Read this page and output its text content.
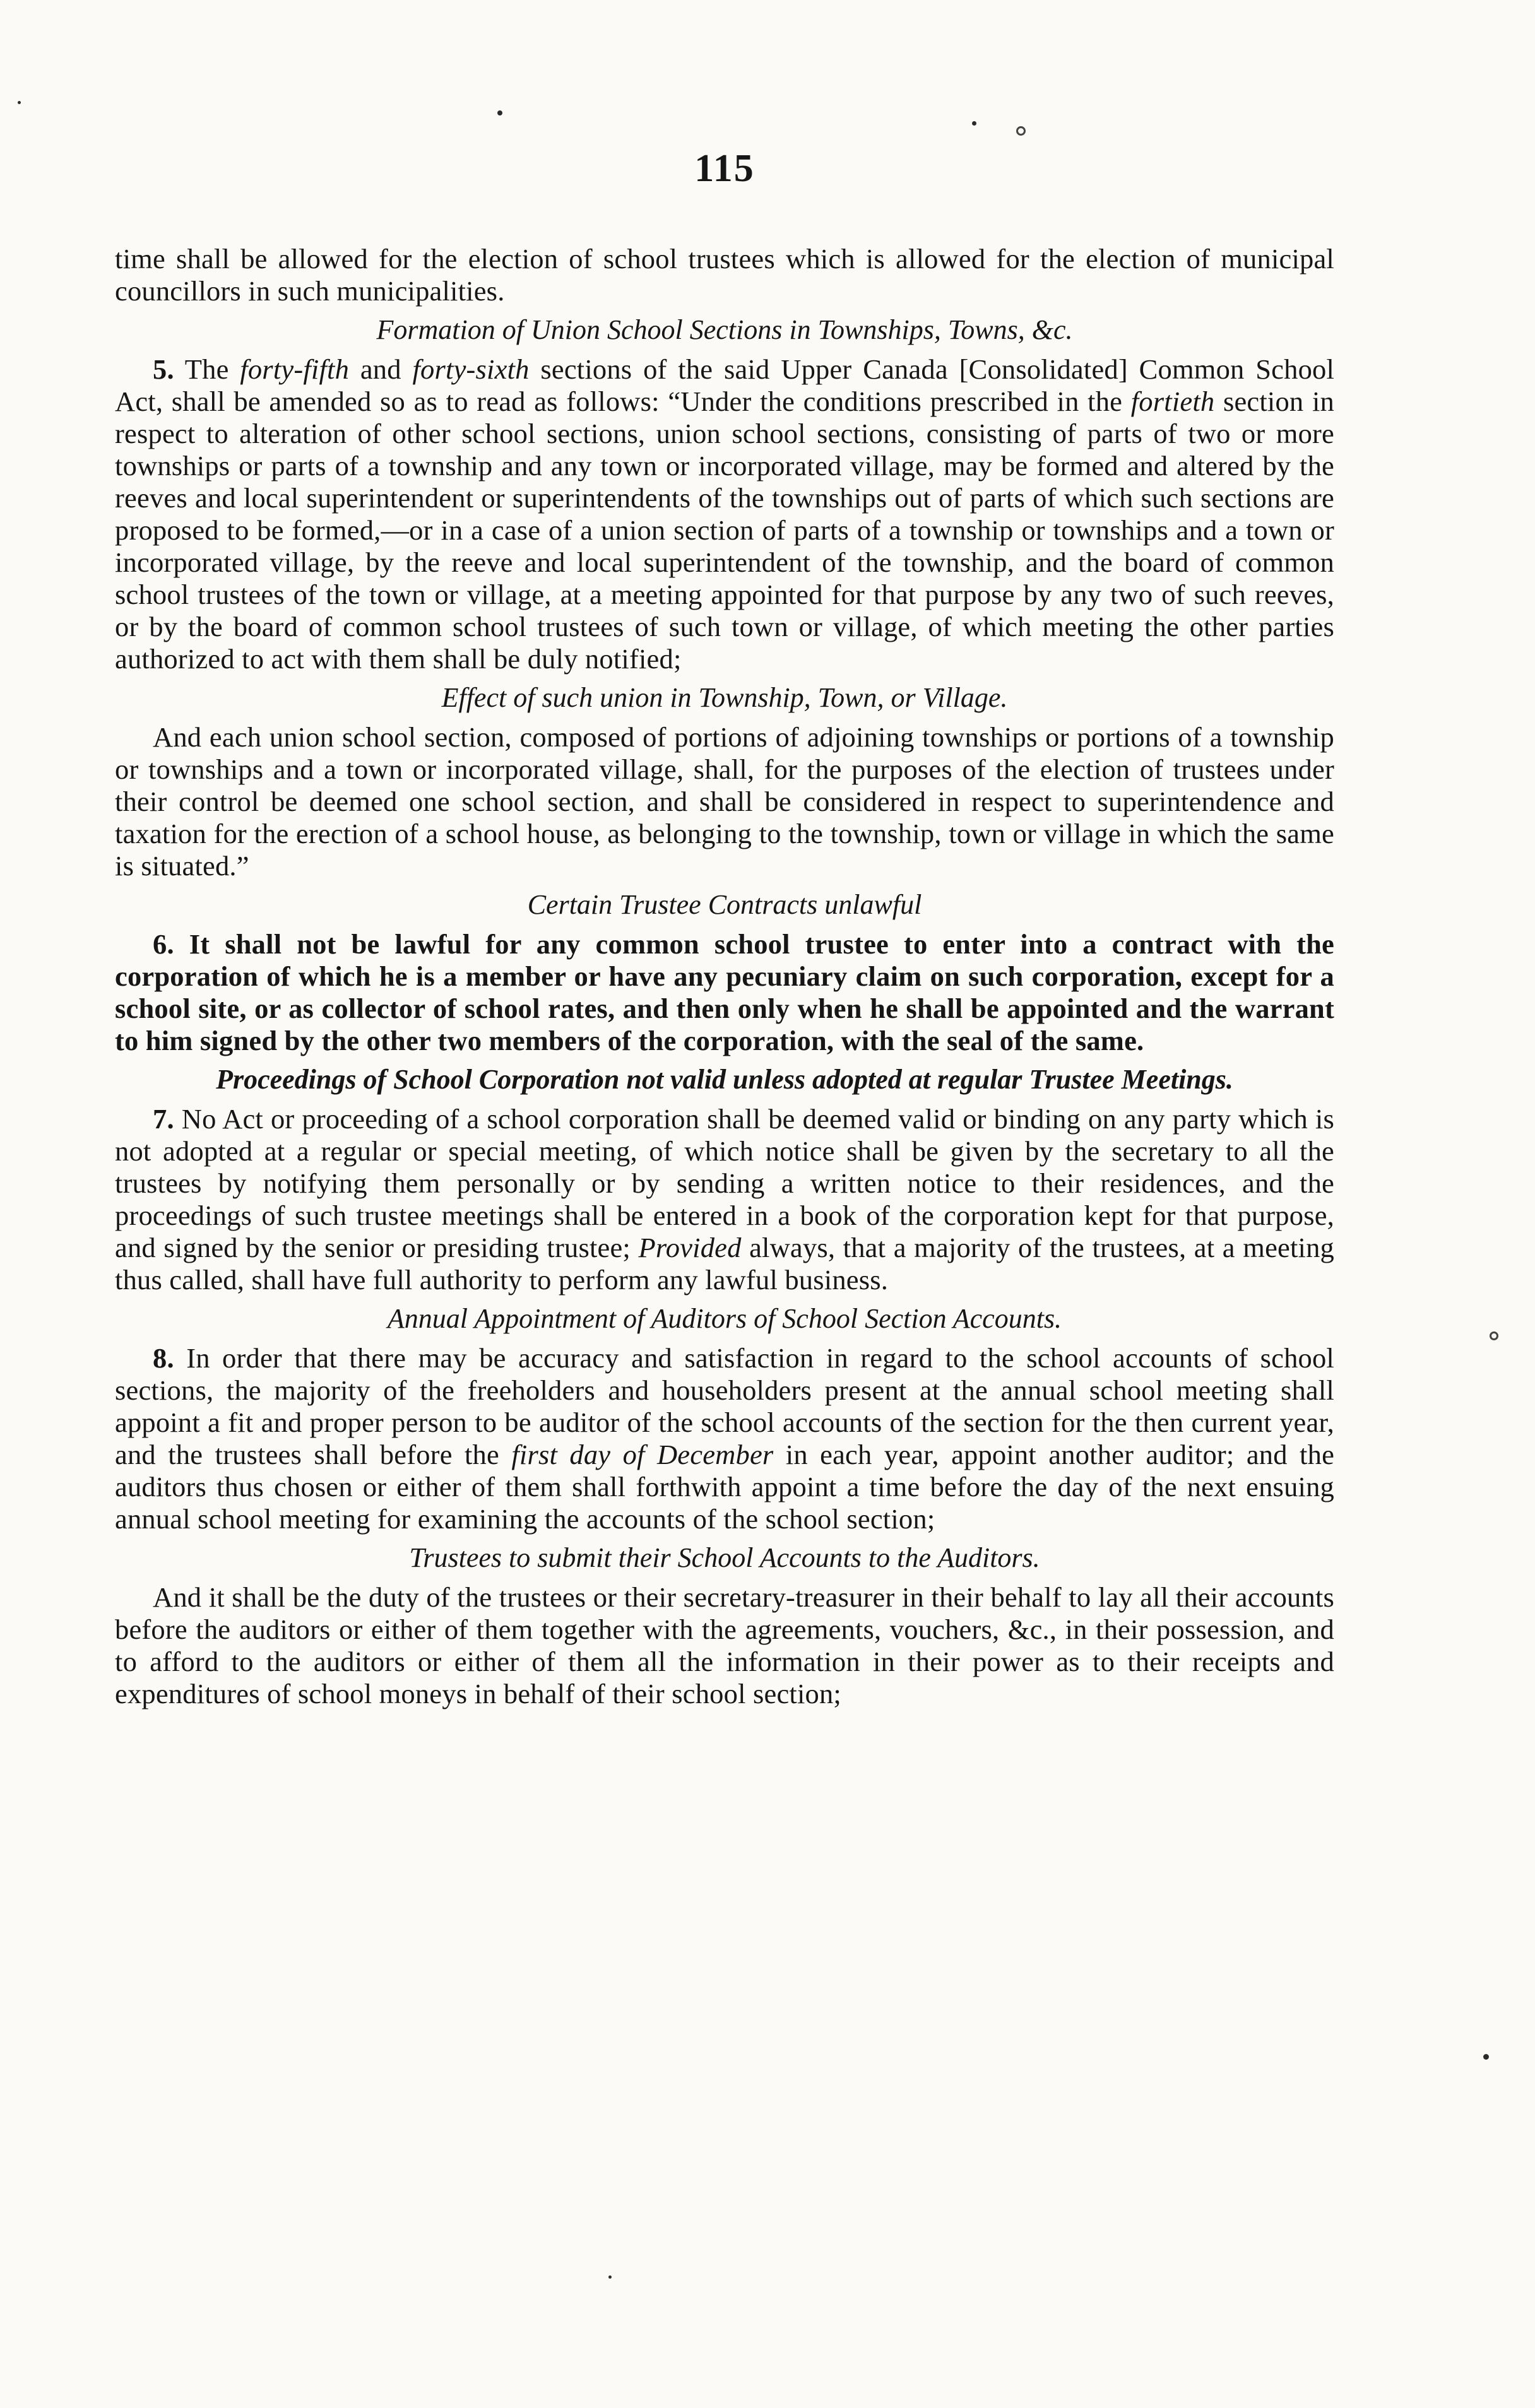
115

time shall be allowed for the election of school trustees which is allowed for the election of municipal councillors in such municipalities.

Formation of Union School Sections in Townships, Towns, &c.

5. The forty-fifth and forty-sixth sections of the said Upper Canada [Consolidated] Common School Act, shall be amended so as to read as follows: “Under the conditions prescribed in the fortieth section in respect to alteration of other school sections, union school sections, consisting of parts of two or more townships or parts of a township and any town or incorporated village, may be formed and altered by the reeves and local superintendent or superintendents of the townships out of parts of which such sections are proposed to be formed,—or in a case of a union section of parts of a township or townships and a town or incorporated village, by the reeve and local superintendent of the township, and the board of common school trustees of the town or village, at a meeting appointed for that purpose by any two of such reeves, or by the board of common school trustees of such town or village, of which meeting the other parties authorized to act with them shall be duly notified;

Effect of such union in Township, Town, or Village.

And each union school section, composed of portions of adjoining townships or portions of a township or townships and a town or incorporated village, shall, for the purposes of the election of trustees under their control be deemed one school section, and shall be considered in respect to superintendence and taxation for the erection of a school house, as belonging to the township, town or village in which the same is situated.”

Certain Trustee Contracts unlawful

6. It shall not be lawful for any common school trustee to enter into a contract with the corporation of which he is a member or have any pecuniary claim on such corporation, except for a school site, or as collector of school rates, and then only when he shall be appointed and the warrant to him signed by the other two members of the corporation, with the seal of the same.

Proceedings of School Corporation not valid unless adopted at regular Trustee Meetings.

7. No Act or proceeding of a school corporation shall be deemed valid or binding on any party which is not adopted at a regular or special meeting, of which notice shall be given by the secretary to all the trustees by notifying them personally or by sending a written notice to their residences, and the proceedings of such trustee meetings shall be entered in a book of the corporation kept for that purpose, and signed by the senior or presiding trustee; Provided always, that a majority of the trustees, at a meeting thus called, shall have full authority to perform any lawful business.

Annual Appointment of Auditors of School Section Accounts.

8. In order that there may be accuracy and satisfaction in regard to the school accounts of school sections, the majority of the freeholders and householders present at the annual school meeting shall appoint a fit and proper person to be auditor of the school accounts of the section for the then current year, and the trustees shall before the first day of December in each year, appoint another auditor; and the auditors thus chosen or either of them shall forthwith appoint a time before the day of the next ensuing annual school meeting for examining the accounts of the school section;

Trustees to submit their School Accounts to the Auditors.

And it shall be the duty of the trustees or their secretary-treasurer in their behalf to lay all their accounts before the auditors or either of them together with the agreements, vouchers, &c., in their possession, and to afford to the auditors or either of them all the information in their power as to their receipts and expenditures of school moneys in behalf of their school section;
